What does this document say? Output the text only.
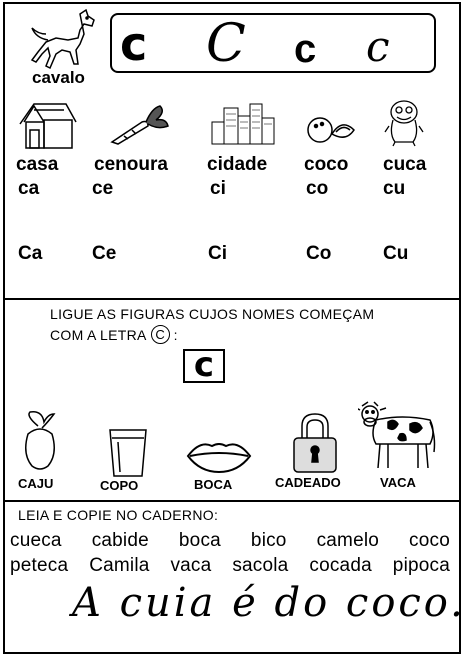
cavalo
c C c c
casa cenoura cidade coco cuca
ca	ce	ci	co	cu
Ca	Ce	Ci	Co	Cu
LIGUE AS FIGURAS CUJOS NOMES COMEÇAM
COM A LETRA C :
c
CAJU	COPO	BOCA	CADEADO	VACA
LEIA E COPIE NO CADERNO:
cueca cabide boca bico camelo coco
peteca Camila vaca sacola cocada pipoca
A cuia é do coco.
